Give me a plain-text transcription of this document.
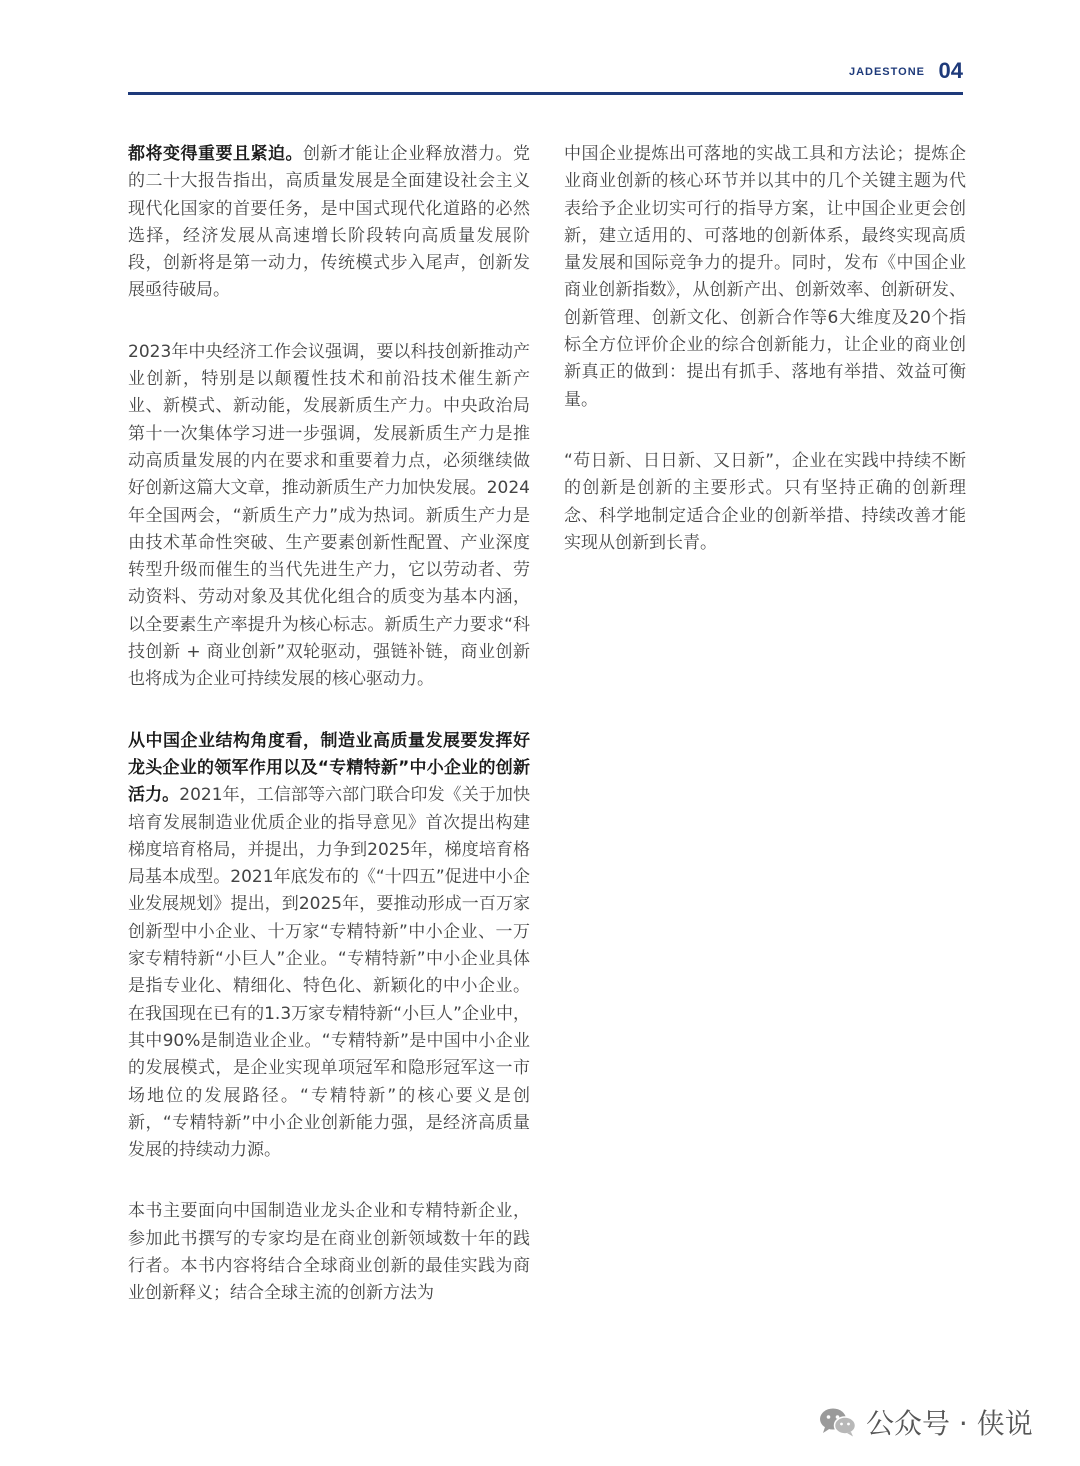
JADESTONE 04

都将变得重要且紧迫。创新才能让企业释放潜力。党的二十大报告指出，高质量发展是全面建设社会主义现代化国家的首要任务，是中国式现代化道路的必然选择，经济发展从高速增长阶段转向高质量发展阶段，创新将是第一动力，传统模式步入尾声，创新发展亟待破局。

2023年中央经济工作会议强调，要以科技创新推动产业创新，特别是以颠覆性技术和前沿技术催生新产业、新模式、新动能，发展新质生产力。中央政治局第十一次集体学习进一步强调，发展新质生产力是推动高质量发展的内在要求和重要着力点，必须继续做好创新这篇大文章，推动新质生产力加快发展。2024年全国两会，“新质生产力”成为热词。新质生产力是由技术革命性突破、生产要素创新性配置、产业深度转型升级而催生的当代先进生产力，它以劳动者、劳动资料、劳动对象及其优化组合的质变为基本内涵，以全要素生产率提升为核心标志。新质生产力要求“科技创新 + 商业创新”双轮驱动，强链补链，商业创新也将成为企业可持续发展的核心驱动力。

从中国企业结构角度看，制造业高质量发展要发挥好龙头企业的领军作用以及“专精特新”中小企业的创新活力。2021年，工信部等六部门联合印发《关于加快培育发展制造业优质企业的指导意见》首次提出构建梯度培育格局，并提出，力争到2025年，梯度培育格局基本成型。2021年底发布的《“十四五”促进中小企业发展规划》提出，到2025年，要推动形成一百万家创新型中小企业、十万家“专精特新”中小企业、一万家专精特新“小巨人”企业。“专精特新”中小企业具体是指专业化、精细化、特色化、新颖化的中小企业。在我国现在已有的1.3万家专精特新“小巨人”企业中，其中90%是制造业企业。“专精特新”是中国中小企业的发展模式，是企业实现单项冠军和隐形冠军这一市场地位的发展路径。“专精特新”的核心要义是创新，“专精特新”中小企业创新能力强，是经济高质量发展的持续动力源。

本书主要面向中国制造业龙头企业和专精特新企业，参加此书撰写的专家均是在商业创新领域数十年的践行者。本书内容将结合全球商业创新的最佳实践为商业创新释义；结合全球主流的创新方法为

中国企业提炼出可落地的实战工具和方法论；提炼企业商业创新的核心环节并以其中的几个关键主题为代表给予企业切实可行的指导方案，让中国企业更会创新，建立适用的、可落地的创新体系，最终实现高质量发展和国际竞争力的提升。同时，发布《中国企业商业创新指数》，从创新产出、创新效率、创新研发、创新管理、创新文化、创新合作等6大维度及20个指标全方位评价企业的综合创新能力，让企业的商业创新真正的做到：提出有抓手、落地有举措、效益可衡量。

“苟日新、日日新、又日新”，企业在实践中持续不断的创新是创新的主要形式。只有坚持正确的创新理念、科学地制定适合企业的创新举措、持续改善才能实现从创新到长青。

公众号 · 侠说
